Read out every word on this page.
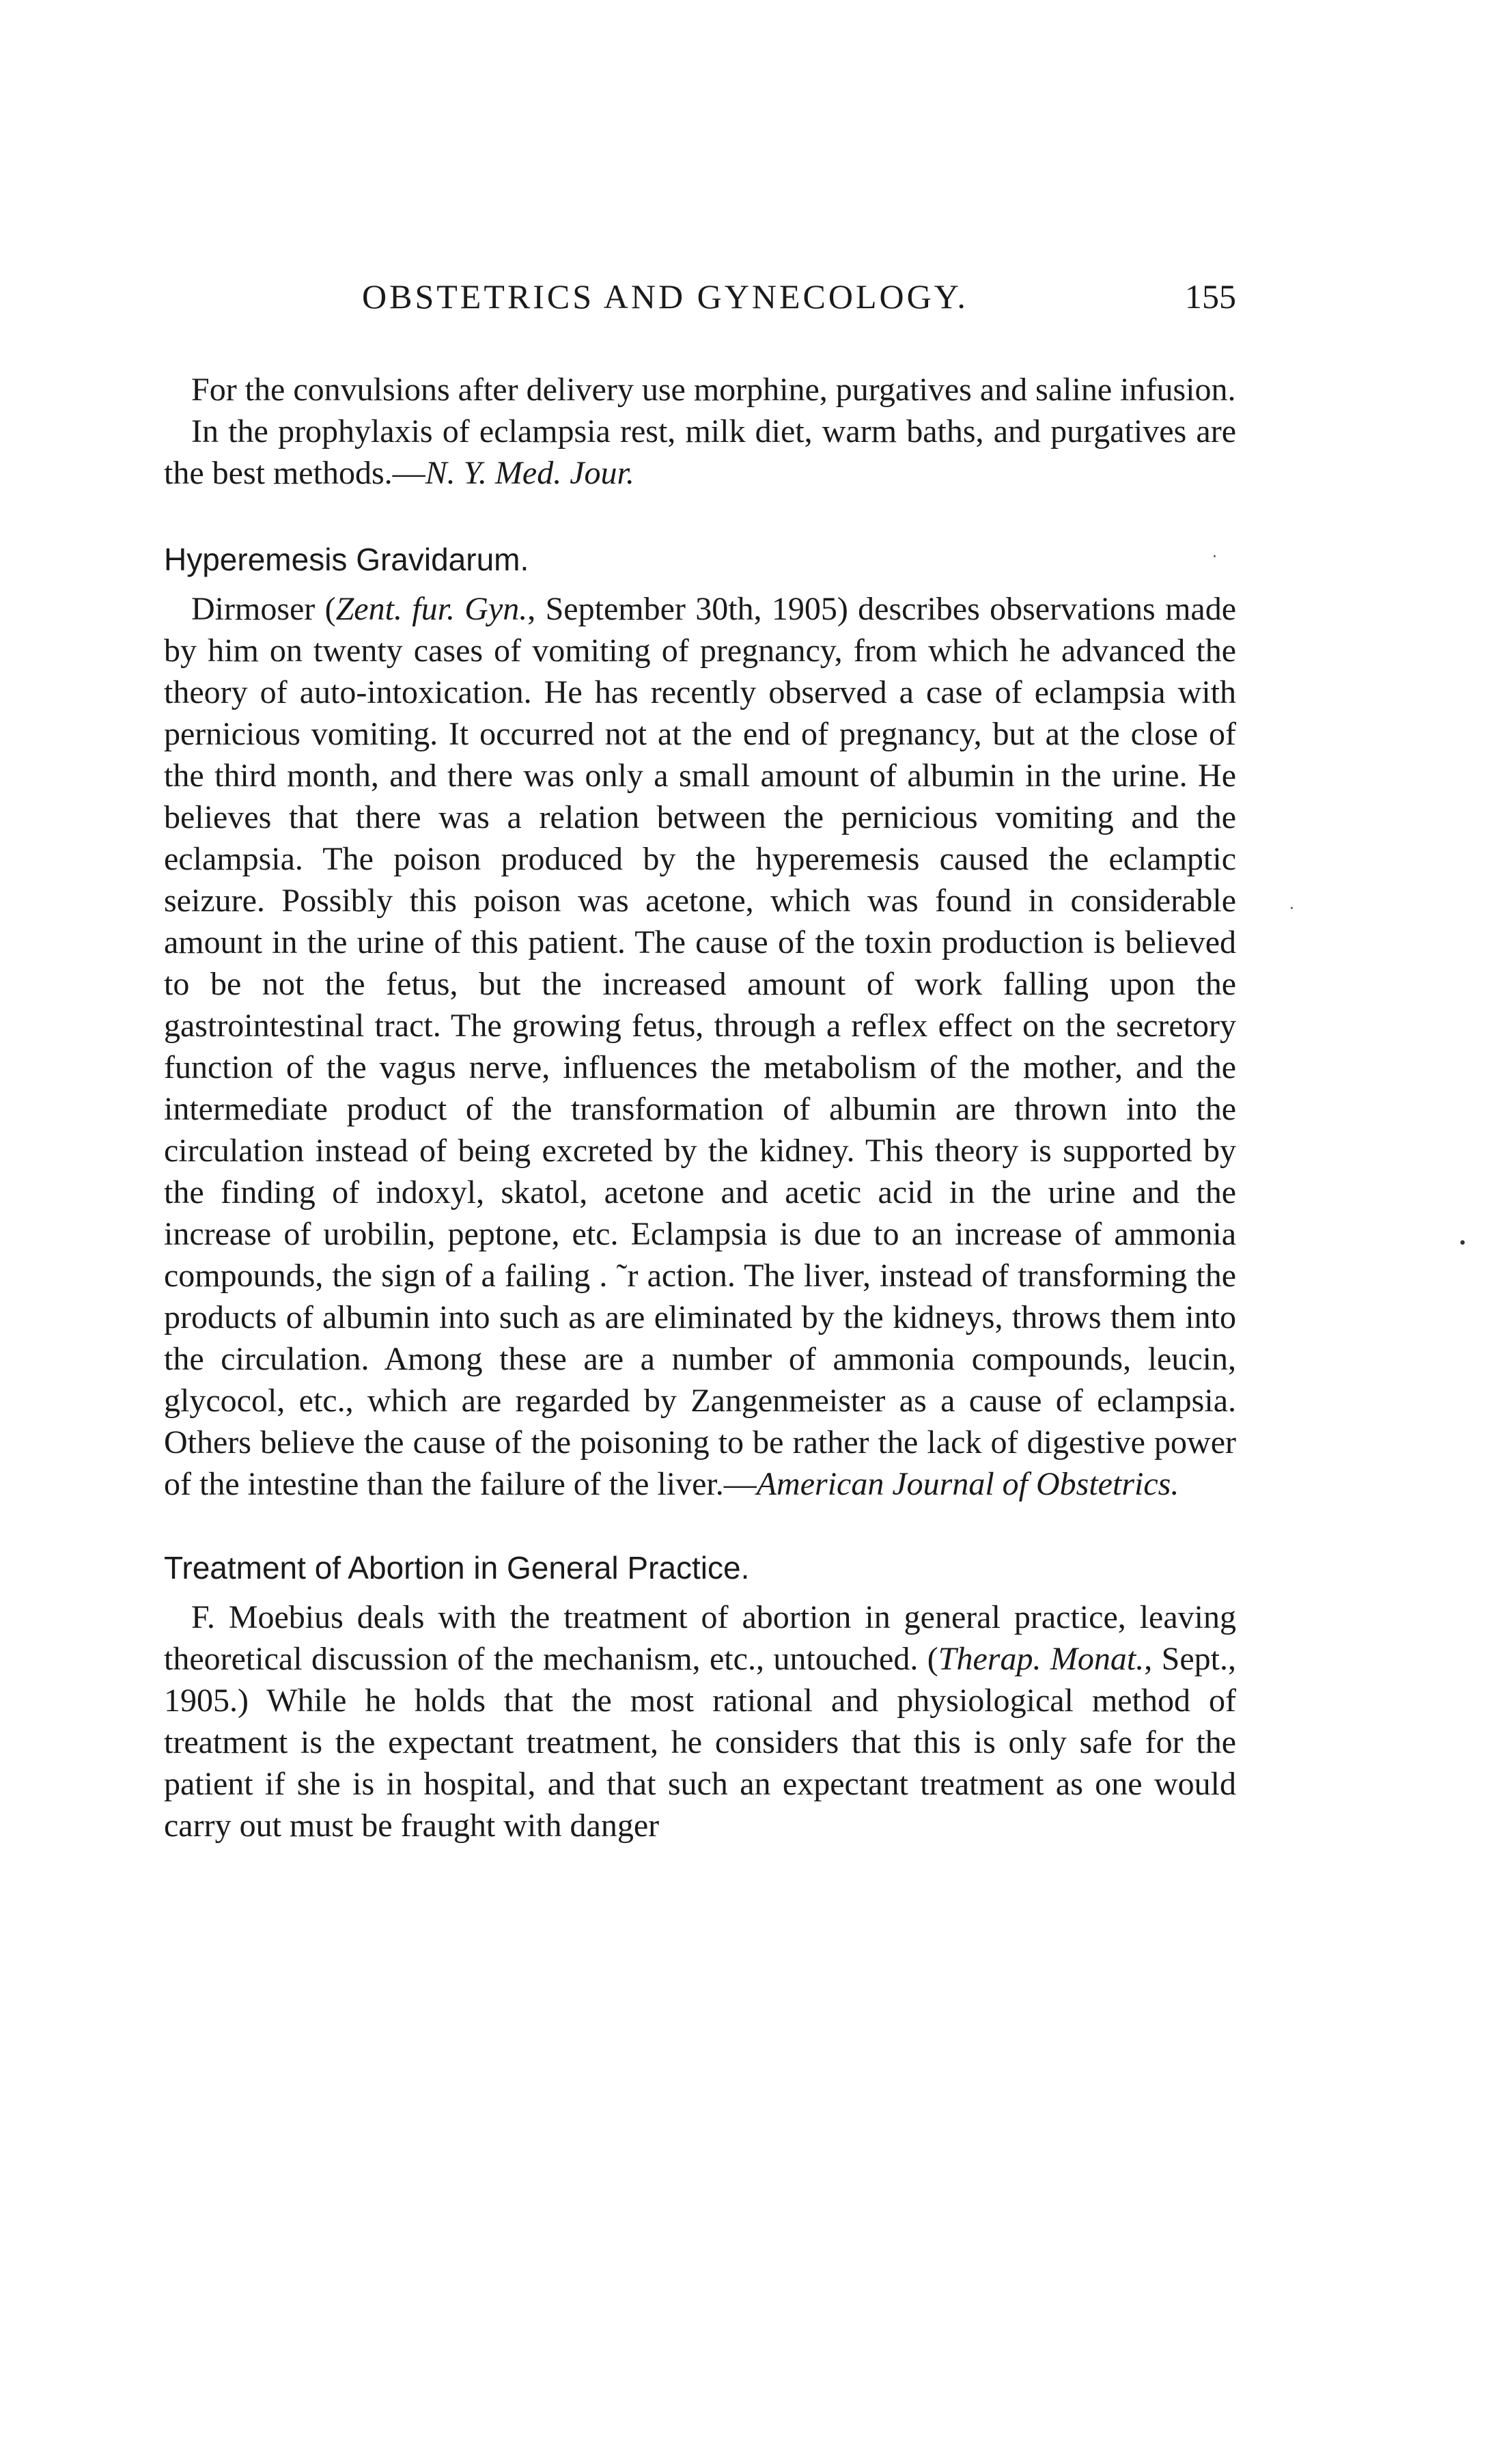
OBSTETRICS AND GYNECOLOGY.	155

For the convulsions after delivery use morphine, purgatives and saline infusion.

In the prophylaxis of eclampsia rest, milk diet, warm baths, and purgatives are the best methods.—N. Y. Med. Jour.

Hyperemesis Gravidarum.

Dirmoser (Zent. fur. Gyn., September 30th, 1905) describes observations made by him on twenty cases of vomiting of pregnancy, from which he advanced the theory of auto-intoxication. He has recently observed a case of eclampsia with pernicious vomiting. It occurred not at the end of pregnancy, but at the close of the third month, and there was only a small amount of albumin in the urine. He believes that there was a relation between the pernicious vomiting and the eclampsia. The poison produced by the hyperemesis caused the eclamptic seizure. Possibly this poison was acetone, which was found in considerable amount in the urine of this patient. The cause of the toxin production is believed to be not the fetus, but the increased amount of work falling upon the gastrointestinal tract. The growing fetus, through a reflex effect on the secretory function of the vagus nerve, influences the metabolism of the mother, and the intermediate product of the transformation of albumin are thrown into the circulation instead of being excreted by the kidney. This theory is supported by the finding of indoxyl, skatol, acetone and acetic acid in the urine and the increase of urobilin, peptone, etc. Eclampsia is due to an increase of ammonia compounds, the sign of a failing . ˜r action. The liver, instead of transforming the products of albumin into such as are eliminated by the kidneys, throws them into the circulation. Among these are a number of ammonia compounds, leucin, glycocol, etc., which are regarded by Zangenmeister as a cause of eclampsia. Others believe the cause of the poisoning to be rather the lack of digestive power of the intestine than the failure of the liver.—American Journal of Obstetrics.

Treatment of Abortion in General Practice.

F. Moebius deals with the treatment of abortion in general practice, leaving theoretical discussion of the mechanism, etc., untouched. (Therap. Monat., Sept., 1905.) While he holds that the most rational and physiological method of treatment is the expectant treatment, he considers that this is only safe for the patient if she is in hospital, and that such an expectant treatment as one would carry out must be fraught with danger

•
·
·
